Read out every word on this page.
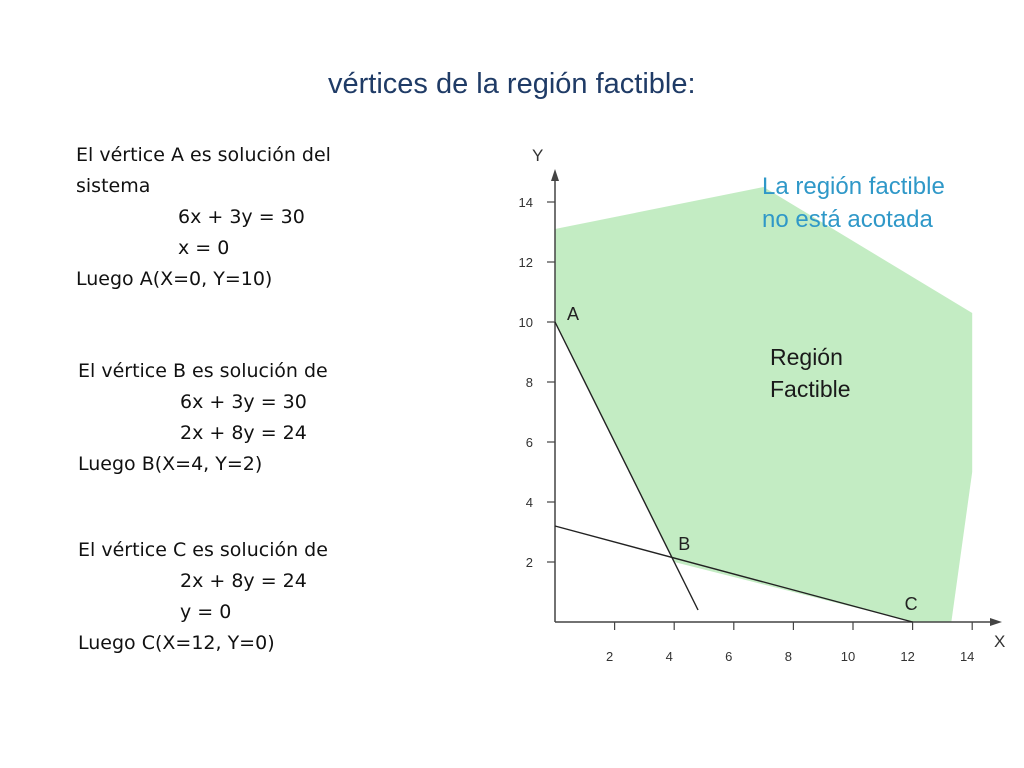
vértices de la región factible:
El vértice A es solución del sistema
6x + 3y = 30
x = 0
Luego A(X=0, Y=10)
El vértice B es solución de
6x + 3y = 30
2x + 8y = 24
Luego B(X=4, Y=2)
El vértice C es solución de
2x + 8y = 24
y = 0
Luego C(X=12, Y=0)
Y
X
2
4
6
8
10
12
14
2	4	6	8	10	12	14
A
B
C
Región Factible
La región factible no está acotada
